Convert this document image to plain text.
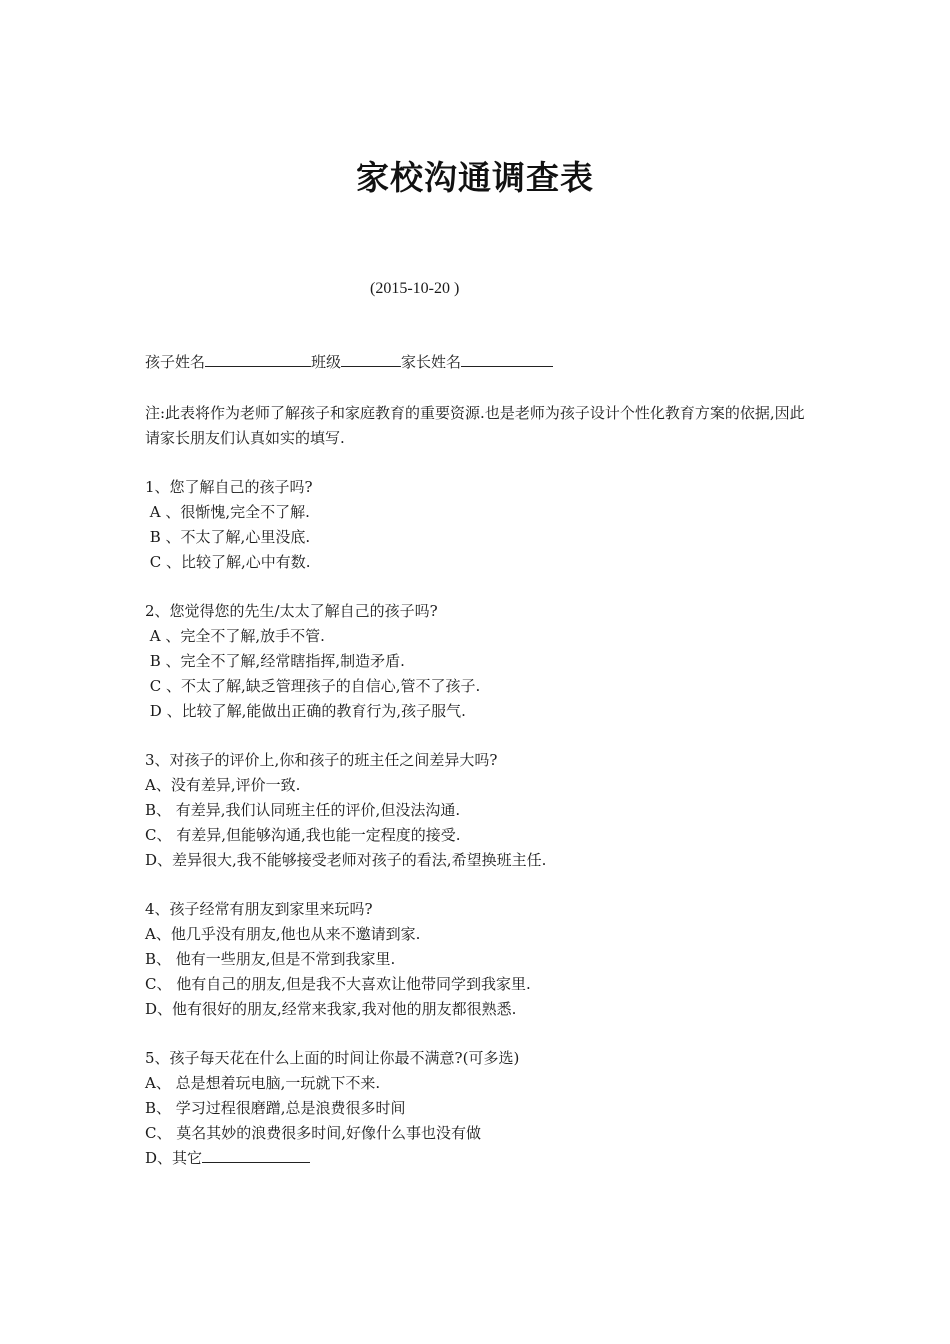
家校沟通调查表
(2015-10-20 )
孩子姓名	班级	家长姓名
注:此表将作为老师了解孩子和家庭教育的重要资源.也是老师为孩子设计个性化教育方案的依据,因此请家长朋友们认真如实的填写.
1、您了解自己的孩子吗?
A 、很惭愧,完全不了解.
B 、不太了解,心里没底.
C 、比较了解,心中有数.
2、您觉得您的先生/太太了解自己的孩子吗?
A 、完全不了解,放手不管.
B 、完全不了解,经常瞎指挥,制造矛盾.
C 、不太了解,缺乏管理孩子的自信心,管不了孩子.
D 、比较了解,能做出正确的教育行为,孩子服气.
3、对孩子的评价上,你和孩子的班主任之间差异大吗?
A、没有差异,评价一致.
B、 有差异,我们认同班主任的评价,但没法沟通.
C、 有差异,但能够沟通,我也能一定程度的接受.
D、差异很大,我不能够接受老师对孩子的看法,希望换班主任.
4、孩子经常有朋友到家里来玩吗?
A、他几乎没有朋友,他也从来不邀请到家.
B、 他有一些朋友,但是不常到我家里.
C、 他有自己的朋友,但是我不大喜欢让他带同学到我家里.
D、他有很好的朋友,经常来我家,我对他的朋友都很熟悉.
5、孩子每天花在什么上面的时间让你最不满意?(可多选)
A、 总是想着玩电脑,一玩就下不来.
B、 学习过程很磨蹭,总是浪费很多时间
C、 莫名其妙的浪费很多时间,好像什么事也没有做
D、其它
